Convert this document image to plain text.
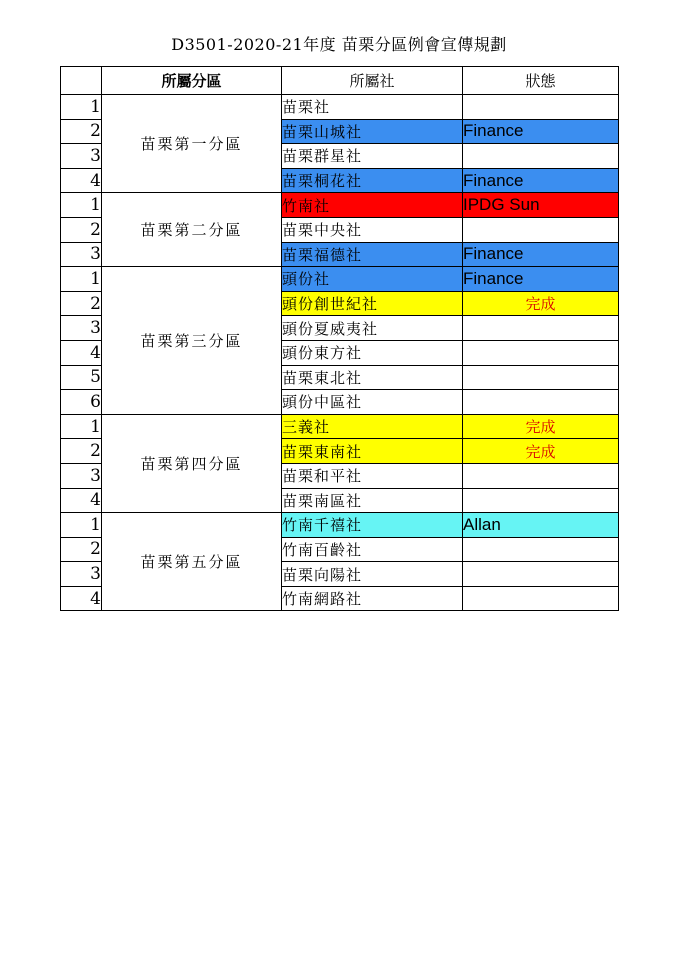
D3501-2020-21年度 苗栗分區例會宣傳規劃
	所屬分區	所屬社	狀態
1	苗栗第一分區	苗栗社	
2		苗栗山城社	Finance
3		苗栗群星社	
4		苗栗桐花社	Finance
1	苗栗第二分區	竹南社	IPDG Sun
2		苗栗中央社	
3		苗栗福德社	Finance
1	苗栗第三分區	頭份社	Finance
2		頭份創世紀社	完成
3		頭份夏威夷社	
4		頭份東方社	
5		苗栗東北社	
6		頭份中區社	
1	苗栗第四分區	三義社	完成
2		苗栗東南社	完成
3		苗栗和平社	
4		苗栗南區社	
1	苗栗第五分區	竹南千禧社	Allan
2		竹南百齡社	
3		苗栗向陽社	
4		竹南網路社	
